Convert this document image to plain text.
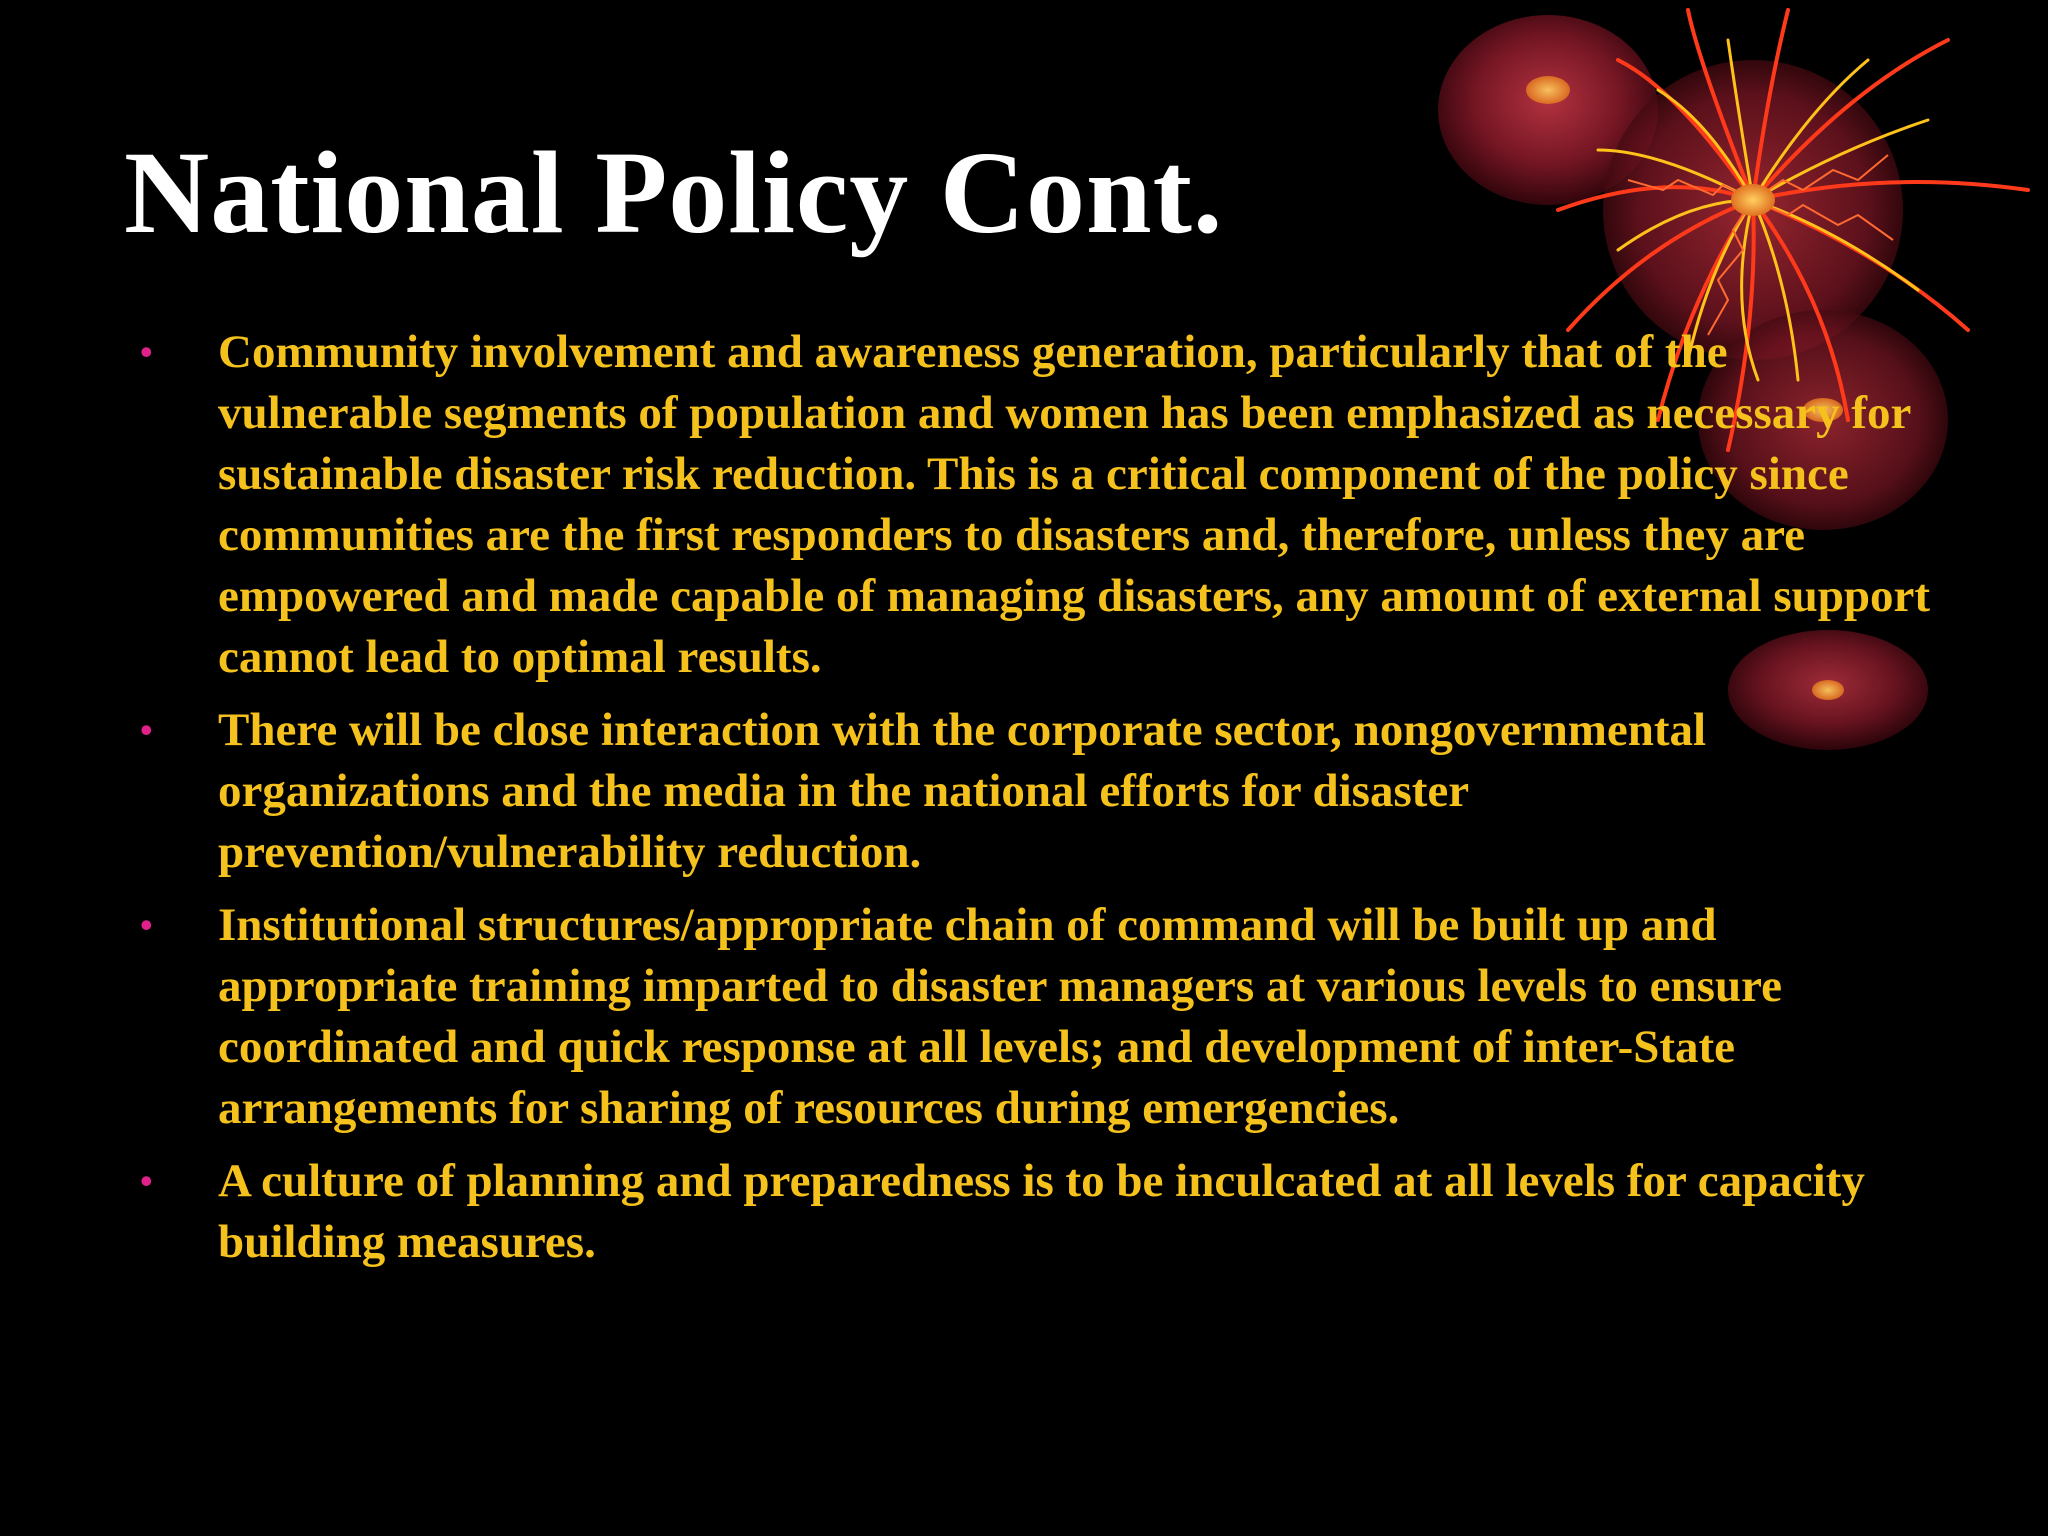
National Policy Cont.
• Community involvement and awareness generation, particularly that of the vulnerable segments of population and women has been emphasized as necessary for sustainable disaster risk reduction. This is a critical component of the policy since communities are the first responders to disasters and, therefore, unless they are empowered and made capable of managing disasters, any amount of external support cannot lead to optimal results.
• There will be close interaction with the corporate sector, nongovernmental organizations and the media in the national efforts for disaster prevention/vulnerability reduction.
• Institutional structures/appropriate chain of command will be built up and appropriate training imparted to disaster managers at various levels to ensure coordinated and quick response at all levels; and development of inter-State arrangements for sharing of resources during emergencies.
• A culture of planning and preparedness is to be inculcated at all levels for capacity building measures.
